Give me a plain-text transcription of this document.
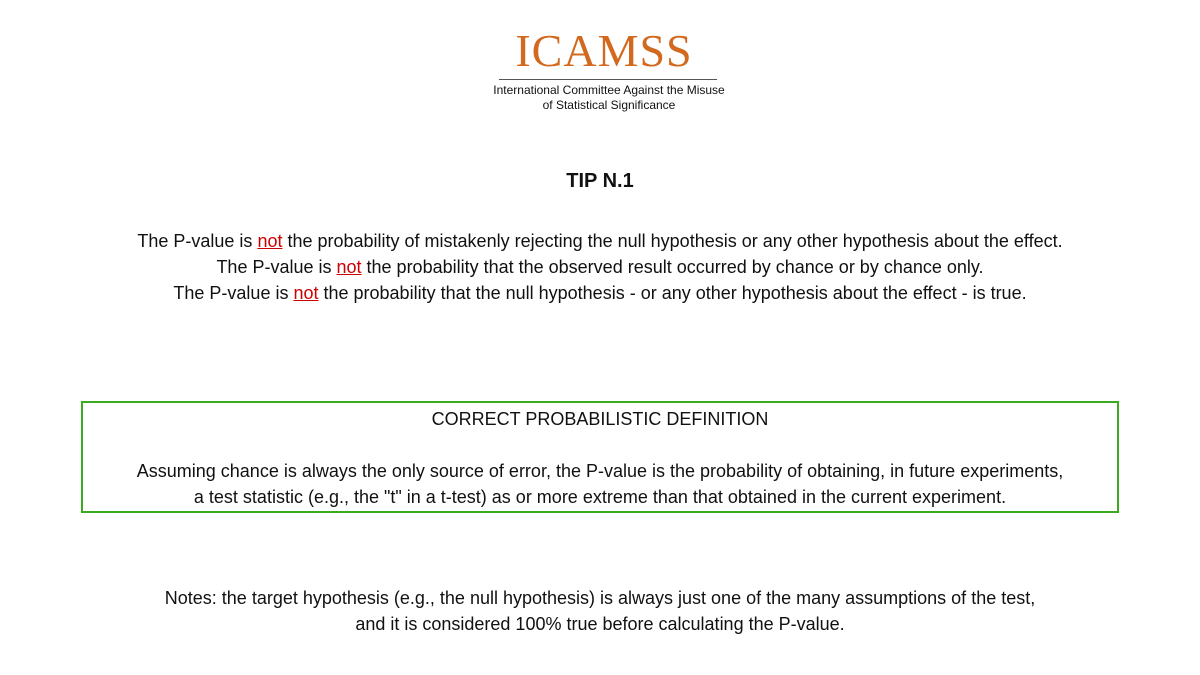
ICAMSS
International Committee Against the Misuse
of Statistical Significance
TIP N.1
The P-value is not the probability of mistakenly rejecting the null hypothesis or any other hypothesis about the effect.
The P-value is not the probability that the observed result occurred by chance or by chance only.
The P-value is not the probability that the null hypothesis - or any other hypothesis about the effect - is true.
CORRECT PROBABILISTIC DEFINITION
Assuming chance is always the only source of error, the P-value is the probability of obtaining, in future experiments,
a test statistic (e.g., the "t" in a t-test) as or more extreme than that obtained in the current experiment.
Notes: the target hypothesis (e.g., the null hypothesis) is always just one of the many assumptions of the test,
and it is considered 100% true before calculating the P-value.
